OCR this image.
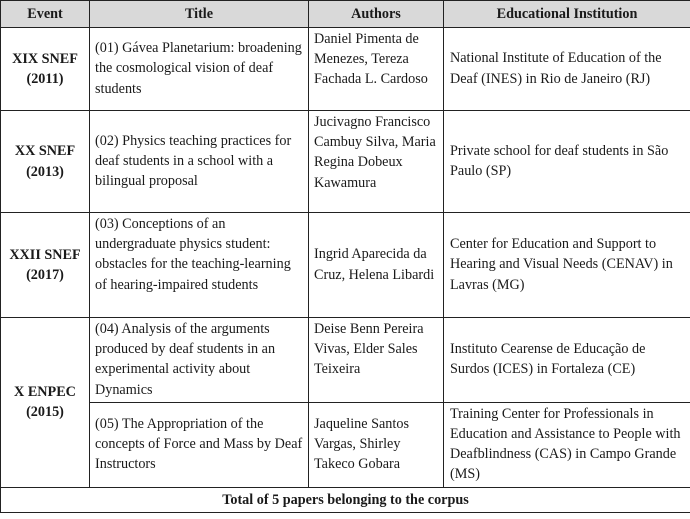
Event	Title	Authors	Educational Institution
XIX SNEF (2011)	(01) Gávea Planetarium: broadening the cosmological vision of deaf students	Daniel Pimenta de Menezes, Tereza Fachada L. Cardoso	National Institute of Education of the Deaf (INES) in Rio de Janeiro (RJ)
XX SNEF (2013)	(02) Physics teaching practices for deaf students in a school with a bilingual proposal	Jucivagno Francisco Cambuy Silva, Maria Regina Dobeux Kawamura	Private school for deaf students in São Paulo (SP)
XXII SNEF (2017)	(03) Conceptions of an undergraduate physics student: obstacles for the teaching-learning of hearing-impaired students	Ingrid Aparecida da Cruz, Helena Libardi	Center for Education and Support to Hearing and Visual Needs (CENAV) in Lavras (MG)
X ENPEC (2015)	(04) Analysis of the arguments produced by deaf students in an experimental activity about Dynamics	Deise Benn Pereira Vivas, Elder Sales Teixeira	Instituto Cearense de Educação de Surdos (ICES) in Fortaleza (CE)
	(05) The Appropriation of the concepts of Force and Mass by Deaf Instructors	Jaqueline Santos Vargas, Shirley Takeco Gobara	Training Center for Professionals in Education and Assistance to People with Deafblindness (CAS) in Campo Grande (MS)
Total of 5 papers belonging to the corpus			
